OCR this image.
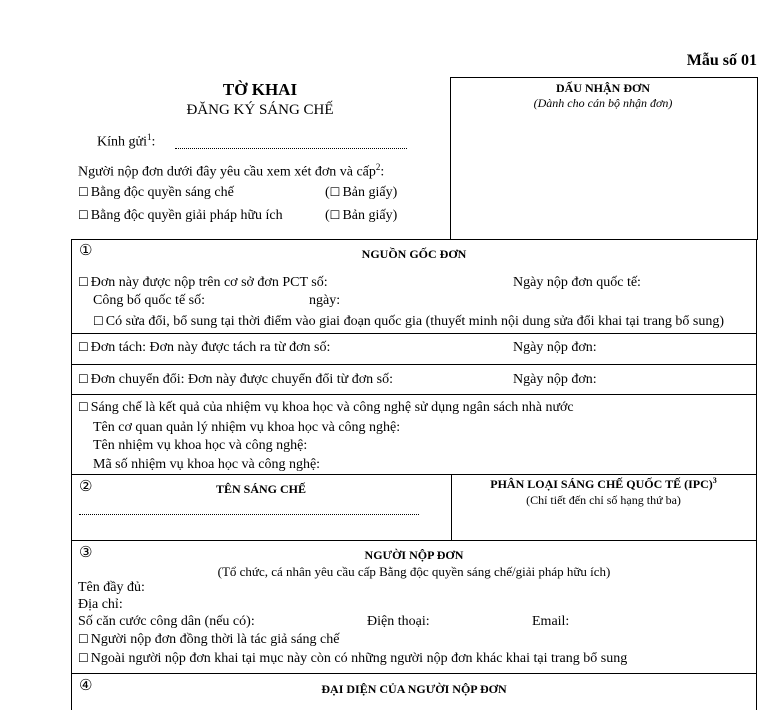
Mẫu số 01
TỜ KHAI
ĐĂNG KÝ SÁNG CHẾ
Kính gửi$^1$:
Người nộp đơn dưới đây yêu cầu xem xét đơn và cấp$^2$:
☐ Bằng độc quyền sáng chế	(☐ Bản giấy)
☐ Bằng độc quyền giải pháp hữu ích	(☐ Bản giấy)
DẤU NHẬN ĐƠN
(Dành cho cán bộ nhận đơn)
①	NGUỒN GỐC ĐƠN
☐ Đơn này được nộp trên cơ sở đơn PCT số:	Ngày nộp đơn quốc tế:
Công bố quốc tế số:	ngày:
☐ Có sửa đổi, bổ sung tại thời điểm vào giai đoạn quốc gia (thuyết minh nội dung sửa đổi khai tại trang bổ sung)
☐ Đơn tách: Đơn này được tách ra từ đơn số:	Ngày nộp đơn:
☐ Đơn chuyển đổi: Đơn này được chuyển đổi từ đơn số:	Ngày nộp đơn:
☐ Sáng chế là kết quả của nhiệm vụ khoa học và công nghệ sử dụng ngân sách nhà nước
Tên cơ quan quản lý nhiệm vụ khoa học và công nghệ:
Tên nhiệm vụ khoa học và công nghệ:
Mã số nhiệm vụ khoa học và công nghệ:
②	TÊN SÁNG CHẾ	PHÂN LOẠI SÁNG CHẾ QUỐC TẾ (IPC)$^3$
(Chỉ tiết đến chỉ số hạng thứ ba)
③	NGƯỜI NỘP ĐƠN
(Tổ chức, cá nhân yêu cầu cấp Bằng độc quyền sáng chế/giải pháp hữu ích)
Tên đầy đủ:
Địa chỉ:
Số căn cước công dân (nếu có):	Điện thoại:	Email:
☐ Người nộp đơn đồng thời là tác giả sáng chế
☐ Ngoài người nộp đơn khai tại mục này còn có những người nộp đơn khác khai tại trang bổ sung
④	ĐẠI DIỆN CỦA NGƯỜI NỘP ĐƠN
